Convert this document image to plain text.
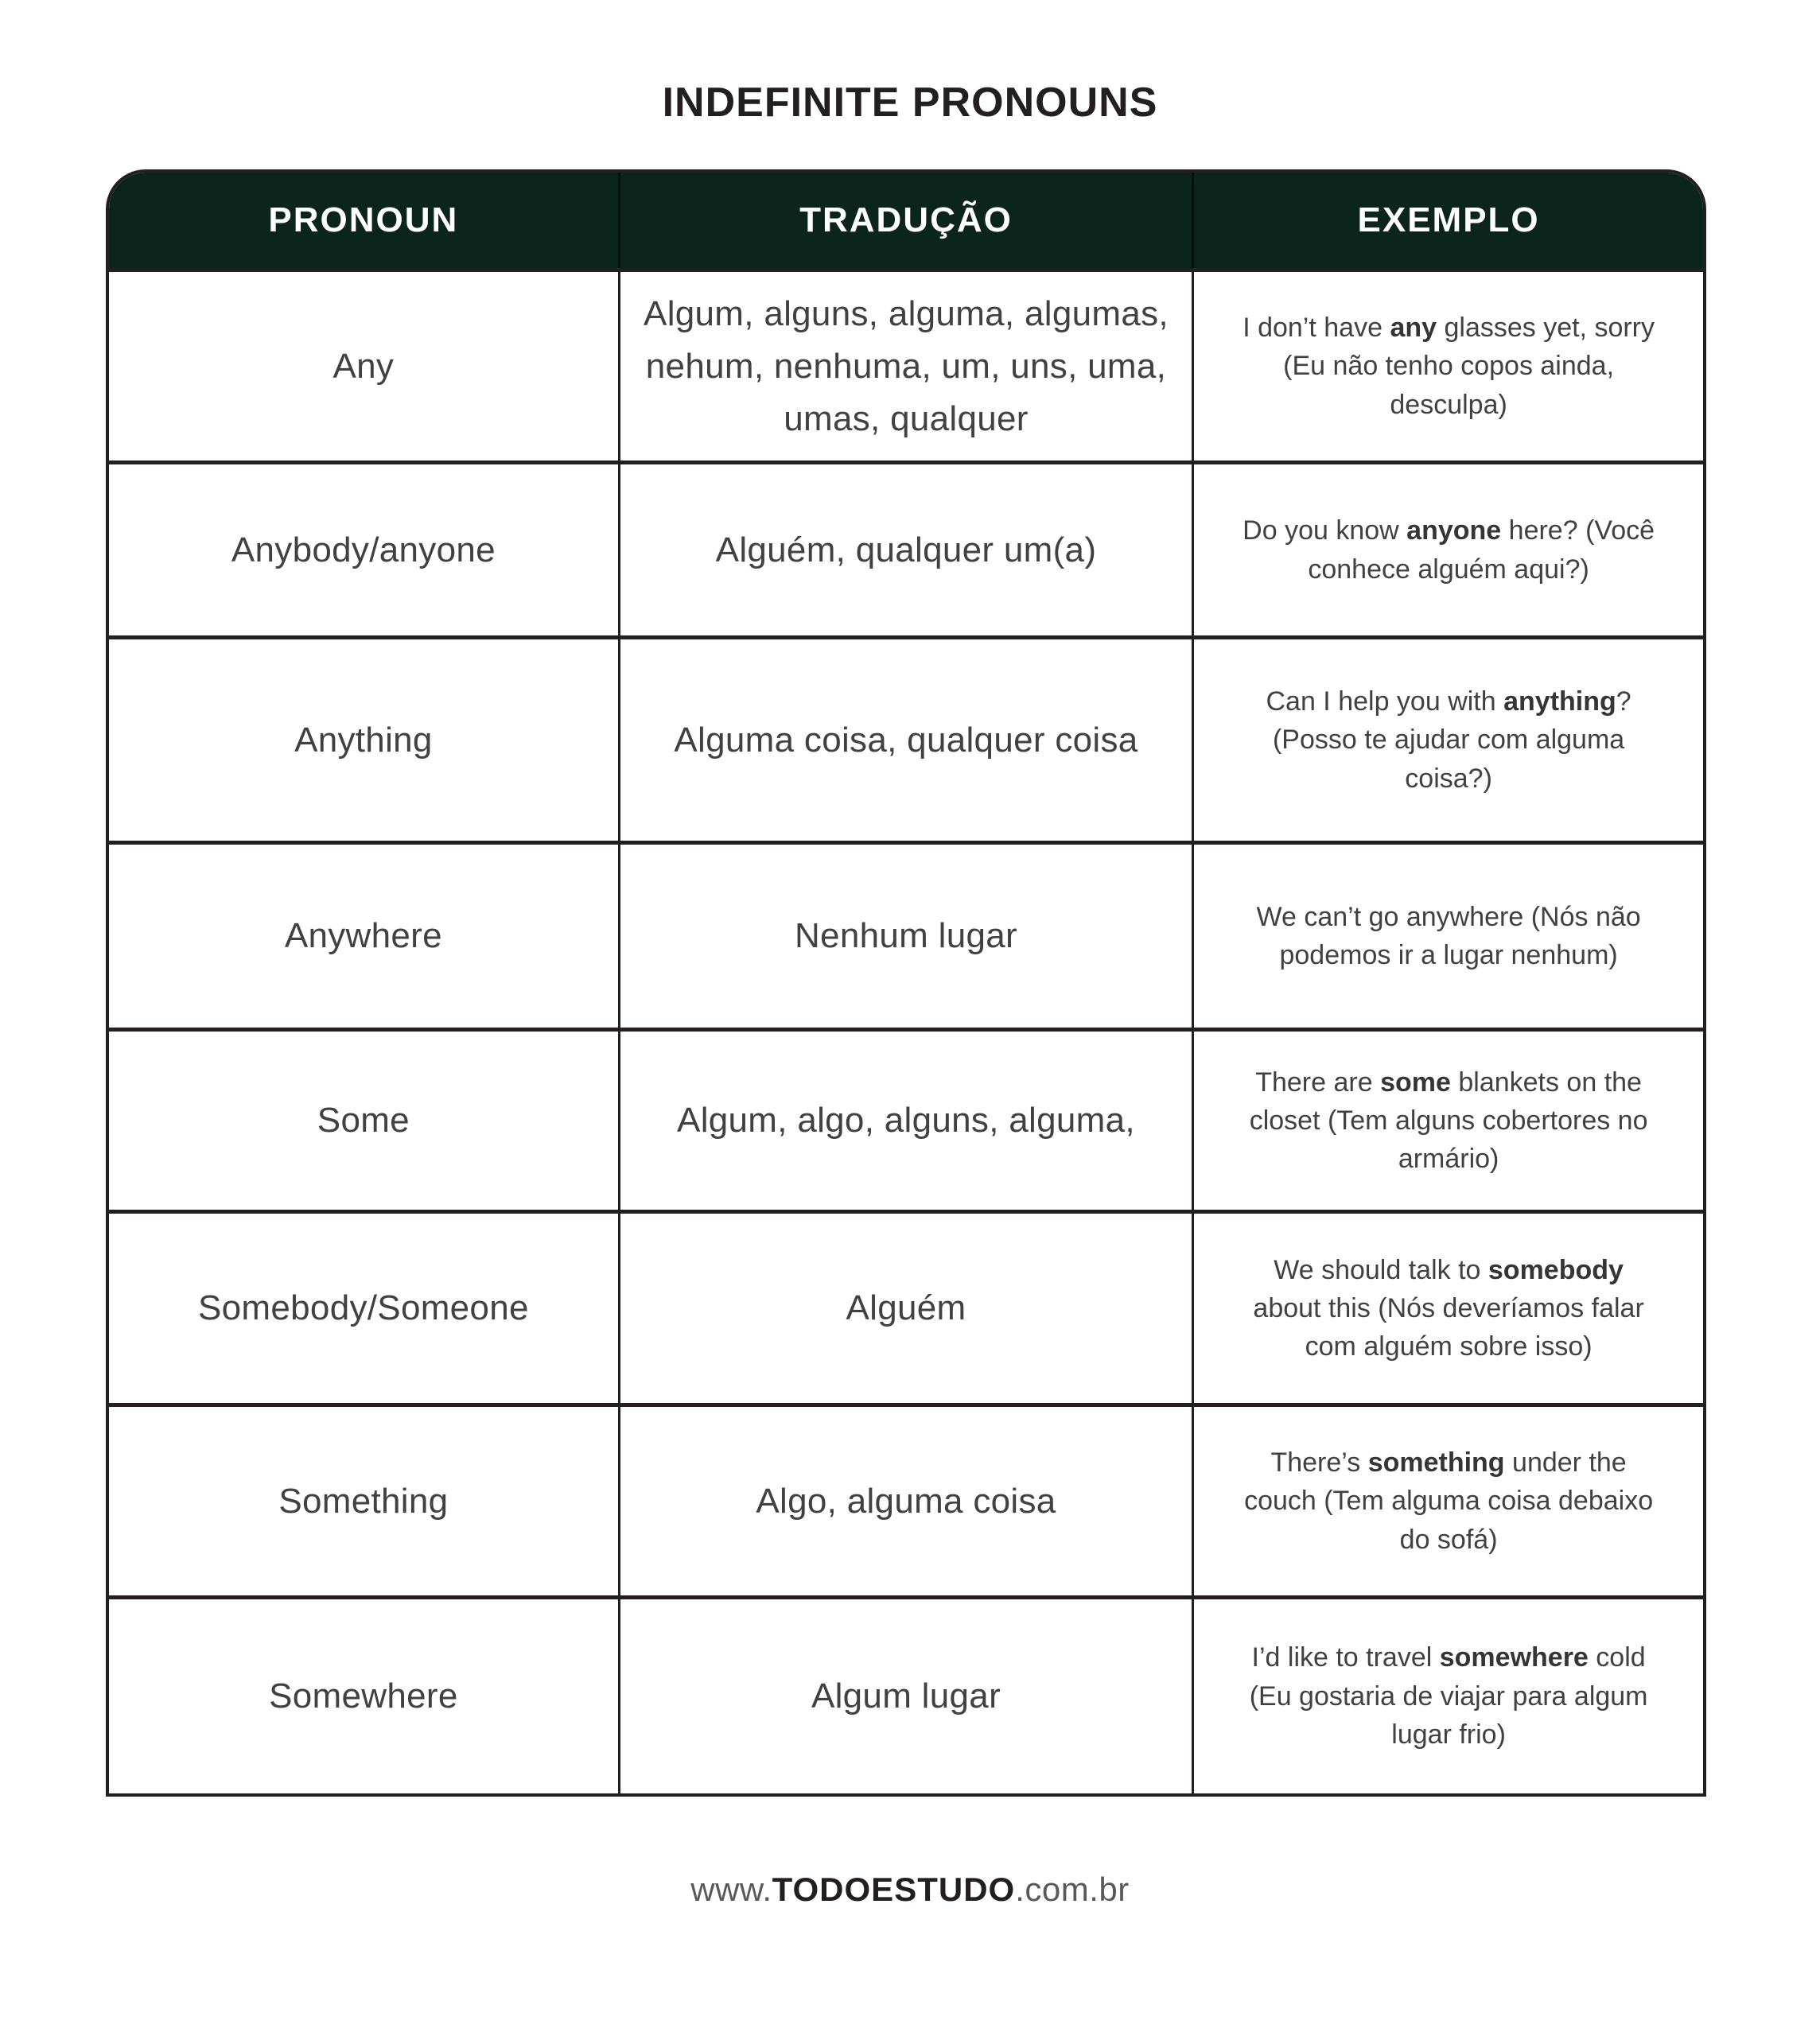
INDEFINITE PRONOUNS
PRONOUN	TRADUÇÃO	EXEMPLO
Any	Algum, alguns, alguma, algumas, nehum, nenhuma, um, uns, uma, umas, qualquer	I don’t have any glasses yet, sorry (Eu não tenho copos ainda, desculpa)
Anybody/anyone	Alguém, qualquer um(a)	Do you know anyone here? (Você conhece alguém aqui?)
Anything	Alguma coisa, qualquer coisa	Can I help you with anything? (Posso te ajudar com alguma coisa?)
Anywhere	Nenhum lugar	We can’t go anywhere (Nós não podemos ir a lugar nenhum)
Some	Algum, algo, alguns, alguma,	There are some blankets on the closet (Tem alguns cobertores no armário)
Somebody/Someone	Alguém	We should talk to somebody about this (Nós deveríamos falar com alguém sobre isso)
Something	Algo, alguma coisa	There’s something under the couch (Tem alguma coisa debaixo do sofá)
Somewhere	Algum lugar	I’d like to travel somewhere cold (Eu gostaria de viajar para algum lugar frio)
www.TODOESTUDO.com.br
